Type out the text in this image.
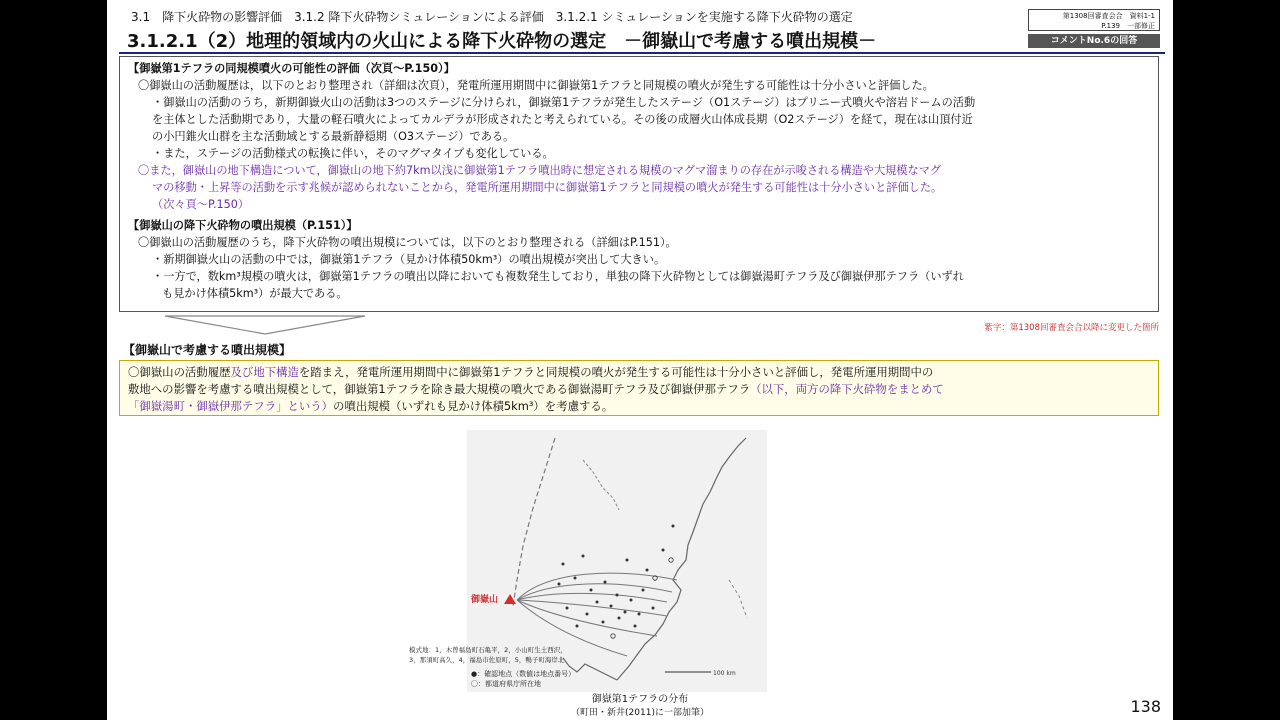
3.1　降下火砕物の影響評価　3.1.2 降下火砕物シミュレーションによる評価　3.1.2.1 シミュレーションを実施する降下火砕物の選定
3.1.2.1（2）地理的領域内の火山による降下火砕物の選定　－御嶽山で考慮する噴出規模－
第1308回審査会合　資料1-1
P.139　一部修正
コメントNo.6の回答

【御嶽第1テフラの同規模噴火の可能性の評価（次頁～P.150）】

〇御嶽山の活動履歴は，以下のとおり整理され（詳細は次頁），発電所運用期間中に御嶽第1テフラと同規模の噴火が発生する可能性は十分小さいと評価した。

・御嶽山の活動のうち，新期御嶽火山の活動は3つのステージに分けられ，御嶽第1テフラが発生したステージ（O1ステージ）はプリニー式噴火や溶岩ドームの活動

を主体とした活動期であり，大量の軽石噴火によってカルデラが形成されたと考えられている。その後の成層火山体成長期（O2ステージ）を経て，現在は山頂付近

の小円錐火山群を主な活動域とする最新静穏期（O3ステージ）である。

・また，ステージの活動様式の転換に伴い，そのマグマタイプも変化している。

〇また，御嶽山の地下構造について，御嶽山の地下約7km以浅に御嶽第1テフラ噴出時に想定される規模のマグマ溜まりの存在が示唆される構造や大規模なマグ

マの移動・上昇等の活動を示す兆候が認められないことから，発電所運用期間中に御嶽第1テフラと同規模の噴火が発生する可能性は十分小さいと評価した。

（次々頁～P.150）

【御嶽山の降下火砕物の噴出規模（P.151）】

〇御嶽山の活動履歴のうち，降下火砕物の噴出規模については，以下のとおり整理される（詳細はP.151）。

・新期御嶽火山の活動の中では，御嶽第1テフラ（見かけ体積50km³）の噴出規模が突出して大きい。

・一方で，数km³規模の噴火は，御嶽第1テフラの噴出以降においても複数発生しており，単独の降下火砕物としては御嶽湯町テフラ及び御嶽伊那テフラ（いずれ

も見かけ体積5km³）が最大である。

紫字：第1308回審査会合以降に変更した箇所
【御嶽山で考慮する噴出規模】

〇御嶽山の活動履歴及び地下構造を踏まえ，発電所運用期間中に御嶽第1テフラと同規模の噴火が発生する可能性は十分小さいと評価し，発電所運用期間中の

敷地への影響を考慮する噴出規模として，御嶽第1テフラを除き最大規模の噴火である御嶽湯町テフラ及び御嶽伊那テフラ（以下，両方の降下火砕物をまとめて

「御嶽湯町・御嶽伊那テフラ」という）の噴出規模（いずれも見かけ体積5km³）を考慮する。

御嶽山
模式地：1，木曽福島町石亀平，2，小山町生土西沢，
3，那須町高久，4，福島市佐原町，5，鴨子町海岸北
●：確認地点（数値は地点番号）
〇：都道府県庁所在地
100 km
御嶽第1テフラの分布
（町田・新井(2011)に一部加筆）	138
